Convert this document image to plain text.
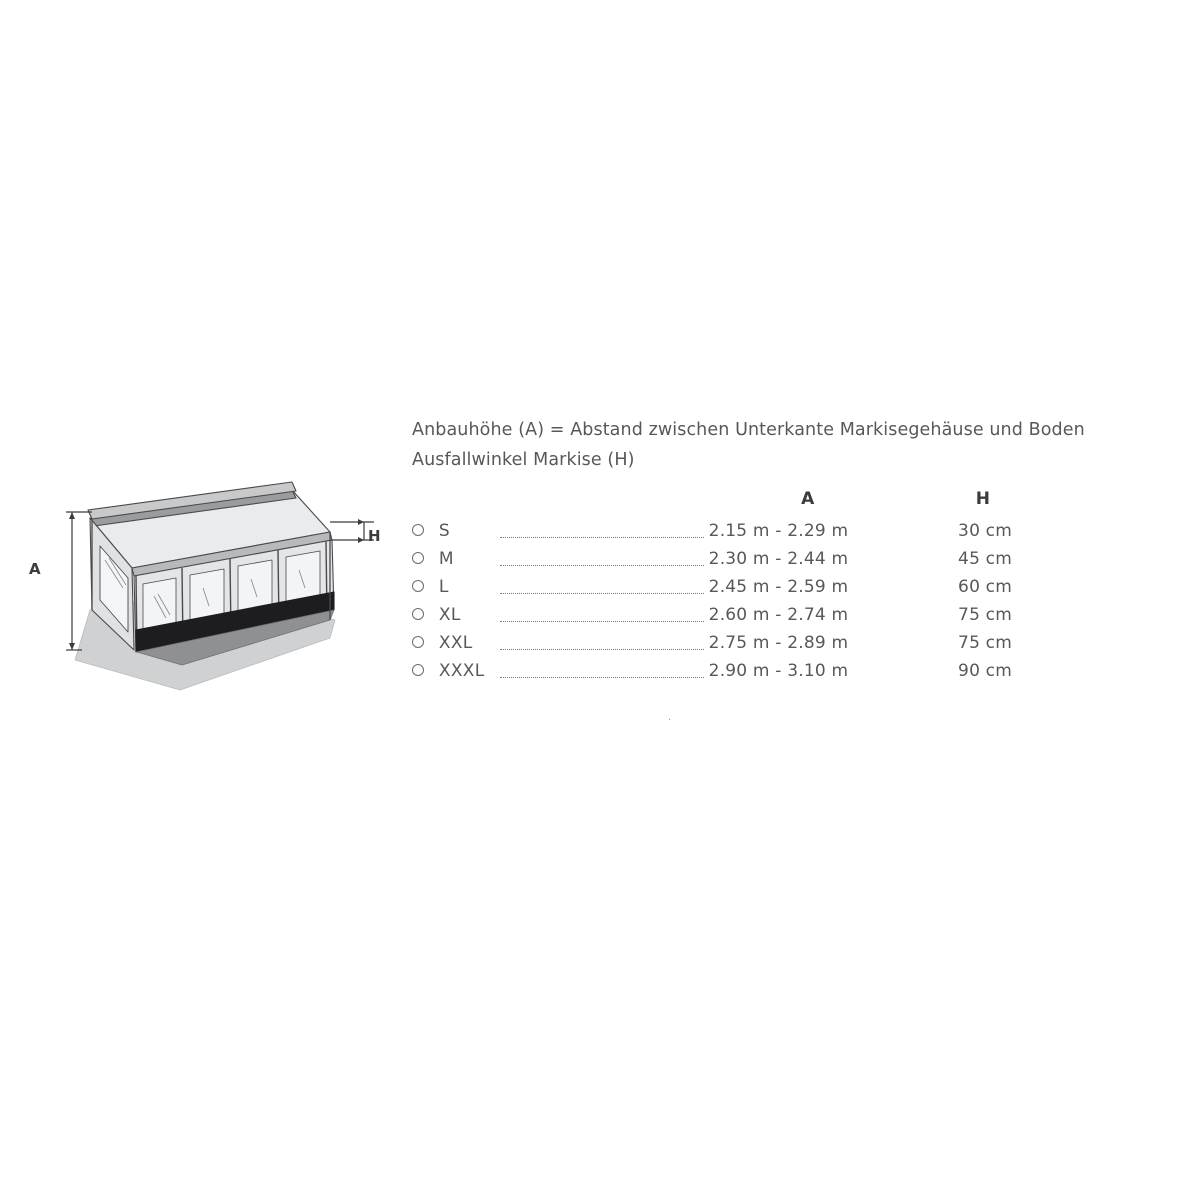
A
H
Anbauhöhe (A) = Abstand zwischen Unterkante Markisegehäuse und Boden
Ausfallwinkel Markise (H)
		A	H
	S	2.15 m - 2.29 m	30 cm
	M	2.30 m - 2.44 m	45 cm
	L	2.45 m - 2.59 m	60 cm
	XL	2.60 m - 2.74 m	75 cm
	XXL	2.75 m - 2.89 m	75 cm
	XXXL	2.90 m - 3.10 m	90 cm
.
